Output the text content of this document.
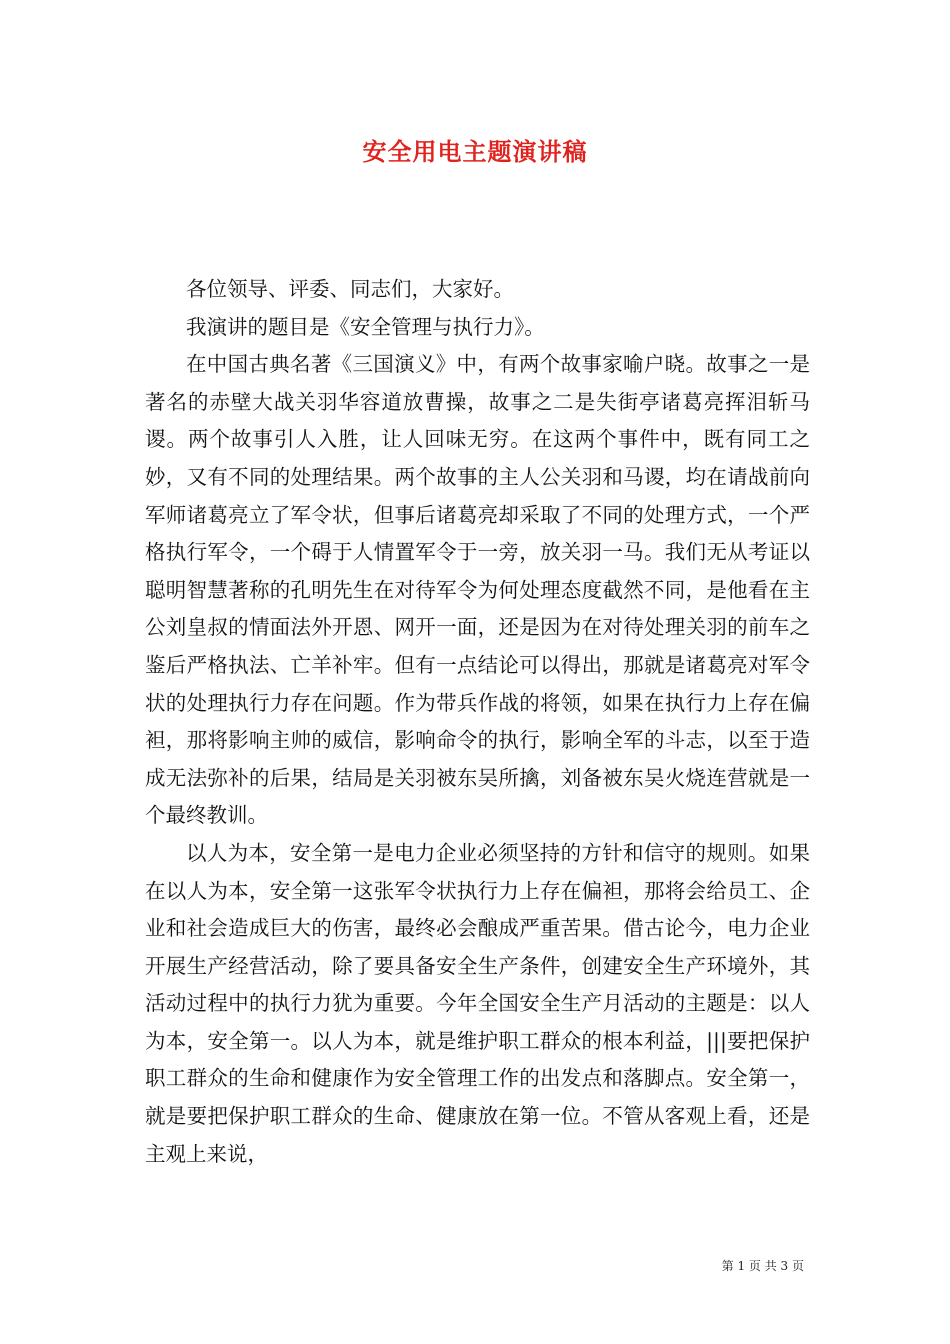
安全用电主题演讲稿

各位领导、评委、同志们，大家好。

我演讲的题目是《安全管理与执行力》。

在中国古典名著《三国演义》中，有两个故事家喻户晓。故事之一是著名的赤壁大战关羽华容道放曹操，故事之二是失街亭诸葛亮挥泪斩马谡。两个故事引人入胜，让人回味无穷。在这两个事件中，既有同工之妙，又有不同的处理结果。两个故事的主人公关羽和马谡，均在请战前向军师诸葛亮立了军令状，但事后诸葛亮却采取了不同的处理方式，一个严格执行军令，一个碍于人情置军令于一旁，放关羽一马。我们无从考证以聪明智慧著称的孔明先生在对待军令为何处理态度截然不同，是他看在主公刘皇叔的情面法外开恩、网开一面，还是因为在对待处理关羽的前车之鉴后严格执法、亡羊补牢。但有一点结论可以得出，那就是诸葛亮对军令状的处理执行力存在问题。作为带兵作战的将领，如果在执行力上存在偏袒，那将影响主帅的威信，影响命令的执行，影响全军的斗志，以至于造成无法弥补的后果，结局是关羽被东吴所擒，刘备被东吴火烧连营就是一个最终教训。

以人为本，安全第一是电力企业必须坚持的方针和信守的规则。如果在以人为本，安全第一这张军令状执行力上存在偏袒，那将会给员工、企业和社会造成巨大的伤害，最终必会酿成严重苦果。借古论今，电力企业开展生产经营活动，除了要具备安全生产条件，创建安全生产环境外，其活动过程中的执行力犹为重要。今年全国安全生产月活动的主题是：以人为本，安全第一。以人为本，就是维护职工群众的根本利益，|||要把保护职工群众的生命和健康作为安全管理工作的出发点和落脚点。安全第一，就是要把保护职工群众的生命、健康放在第一位。不管从客观上看，还是主观上来说，

第 1 页 共 3 页
